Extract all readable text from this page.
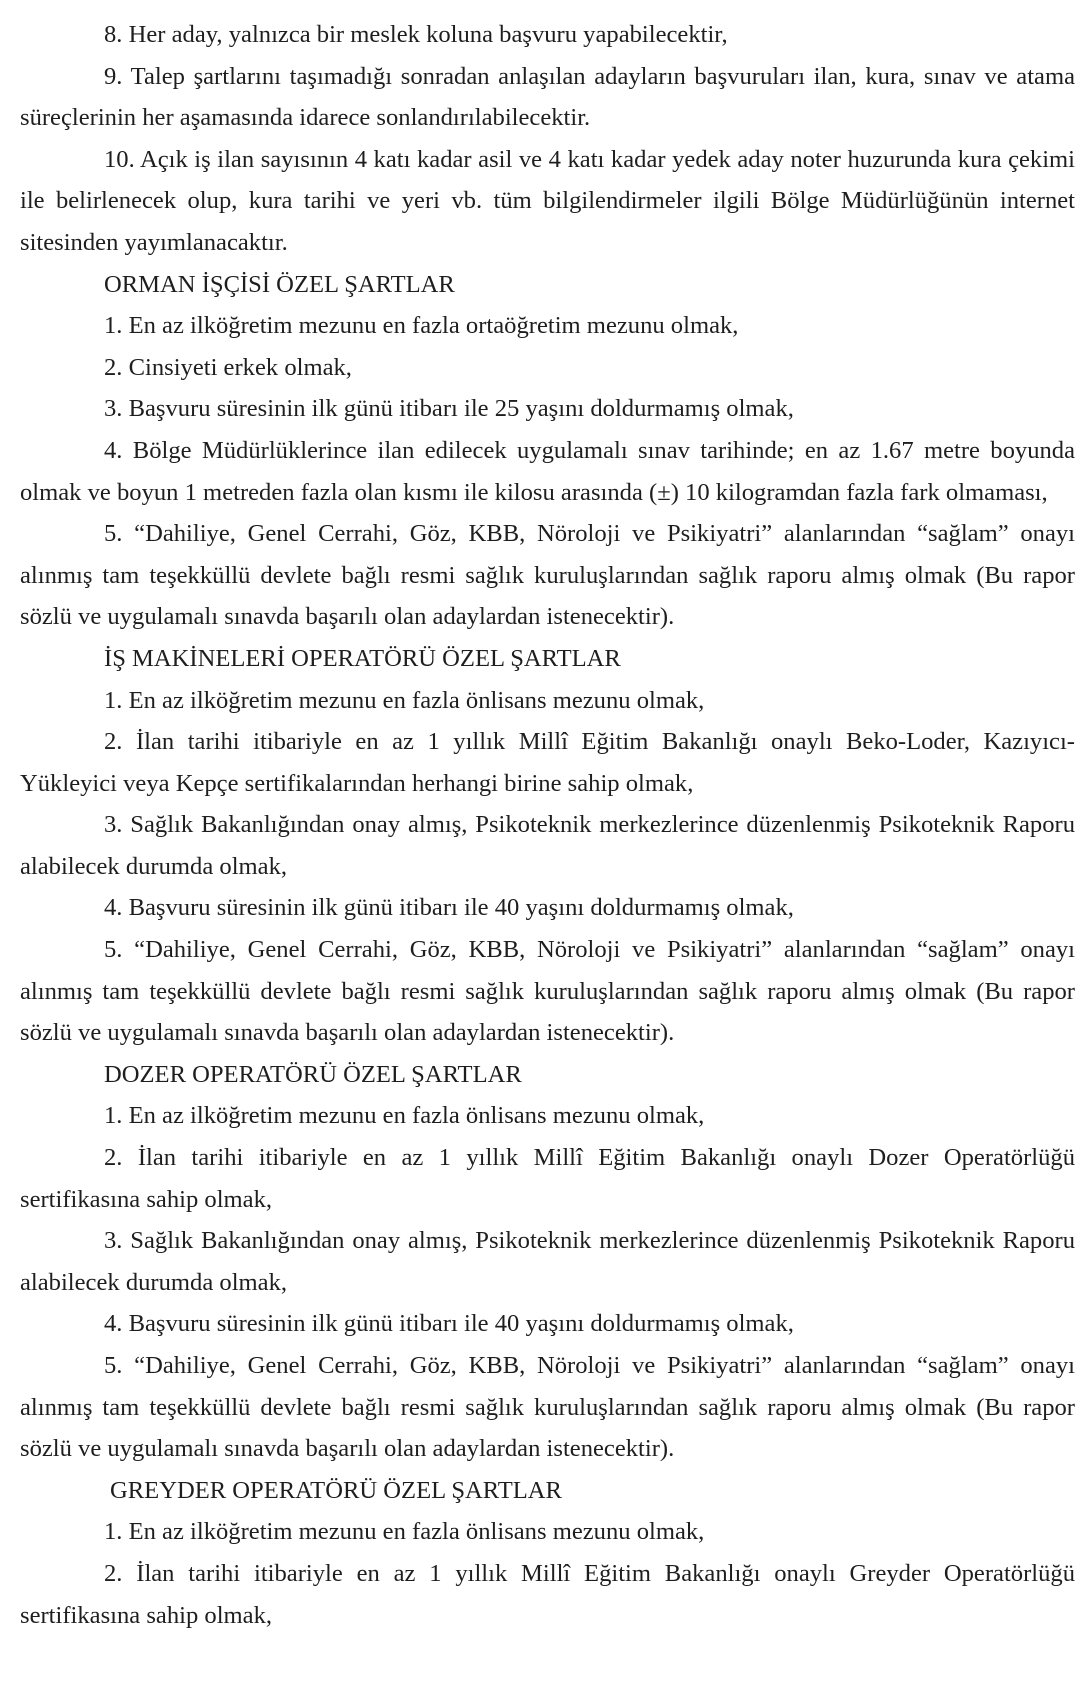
8. Her aday, yalnızca bir meslek koluna başvuru yapabilecektir,

9. Talep şartlarını taşımadığı sonradan anlaşılan adayların başvuruları ilan, kura, sınav ve atama süreçlerinin her aşamasında idarece sonlandırılabilecektir.

10. Açık iş ilan sayısının 4 katı kadar asil ve 4 katı kadar yedek aday noter huzurunda kura çekimi ile belirlenecek olup, kura tarihi ve yeri vb. tüm bilgilendirmeler ilgili Bölge Müdürlüğünün internet sitesinden yayımlanacaktır.

ORMAN İŞÇİSİ ÖZEL ŞARTLAR

1. En az ilköğretim mezunu en fazla ortaöğretim mezunu olmak,

2. Cinsiyeti erkek olmak,

3. Başvuru süresinin ilk günü itibarı ile 25 yaşını doldurmamış olmak,

4. Bölge Müdürlüklerince ilan edilecek uygulamalı sınav tarihinde; en az 1.67 metre boyunda olmak ve boyun 1 metreden fazla olan kısmı ile kilosu arasında (±) 10 kilogramdan fazla fark olmaması,

5. “Dahiliye, Genel Cerrahi, Göz, KBB, Nöroloji ve Psikiyatri” alanlarından “sağlam” onayı alınmış tam teşekküllü devlete bağlı resmi sağlık kuruluşlarından sağlık raporu almış olmak (Bu rapor sözlü ve uygulamalı sınavda başarılı olan adaylardan istenecektir).

İŞ MAKİNELERİ OPERATÖRÜ ÖZEL ŞARTLAR

1. En az ilköğretim mezunu en fazla önlisans mezunu olmak,

2. İlan tarihi itibariyle en az 1 yıllık Millî Eğitim Bakanlığı onaylı Beko-Loder, Kazıyıcı-Yükleyici veya Kepçe sertifikalarından herhangi birine sahip olmak,

3. Sağlık Bakanlığından onay almış, Psikoteknik merkezlerince düzenlenmiş Psikoteknik Raporu alabilecek durumda olmak,

4. Başvuru süresinin ilk günü itibarı ile 40 yaşını doldurmamış olmak,

5. “Dahiliye, Genel Cerrahi, Göz, KBB, Nöroloji ve Psikiyatri” alanlarından “sağlam” onayı alınmış tam teşekküllü devlete bağlı resmi sağlık kuruluşlarından sağlık raporu almış olmak (Bu rapor sözlü ve uygulamalı sınavda başarılı olan adaylardan istenecektir).

DOZER OPERATÖRÜ ÖZEL ŞARTLAR

1. En az ilköğretim mezunu en fazla önlisans mezunu olmak,

2. İlan tarihi itibariyle en az 1 yıllık Millî Eğitim Bakanlığı onaylı Dozer Operatörlüğü sertifikasına sahip olmak,

3. Sağlık Bakanlığından onay almış, Psikoteknik merkezlerince düzenlenmiş Psikoteknik Raporu alabilecek durumda olmak,

4. Başvuru süresinin ilk günü itibarı ile 40 yaşını doldurmamış olmak,

5. “Dahiliye, Genel Cerrahi, Göz, KBB, Nöroloji ve Psikiyatri” alanlarından “sağlam” onayı alınmış tam teşekküllü devlete bağlı resmi sağlık kuruluşlarından sağlık raporu almış olmak (Bu rapor sözlü ve uygulamalı sınavda başarılı olan adaylardan istenecektir).

GREYDER OPERATÖRÜ ÖZEL ŞARTLAR

1. En az ilköğretim mezunu en fazla önlisans mezunu olmak,

2. İlan tarihi itibariyle en az 1 yıllık Millî Eğitim Bakanlığı onaylı Greyder Operatörlüğü sertifikasına sahip olmak,
